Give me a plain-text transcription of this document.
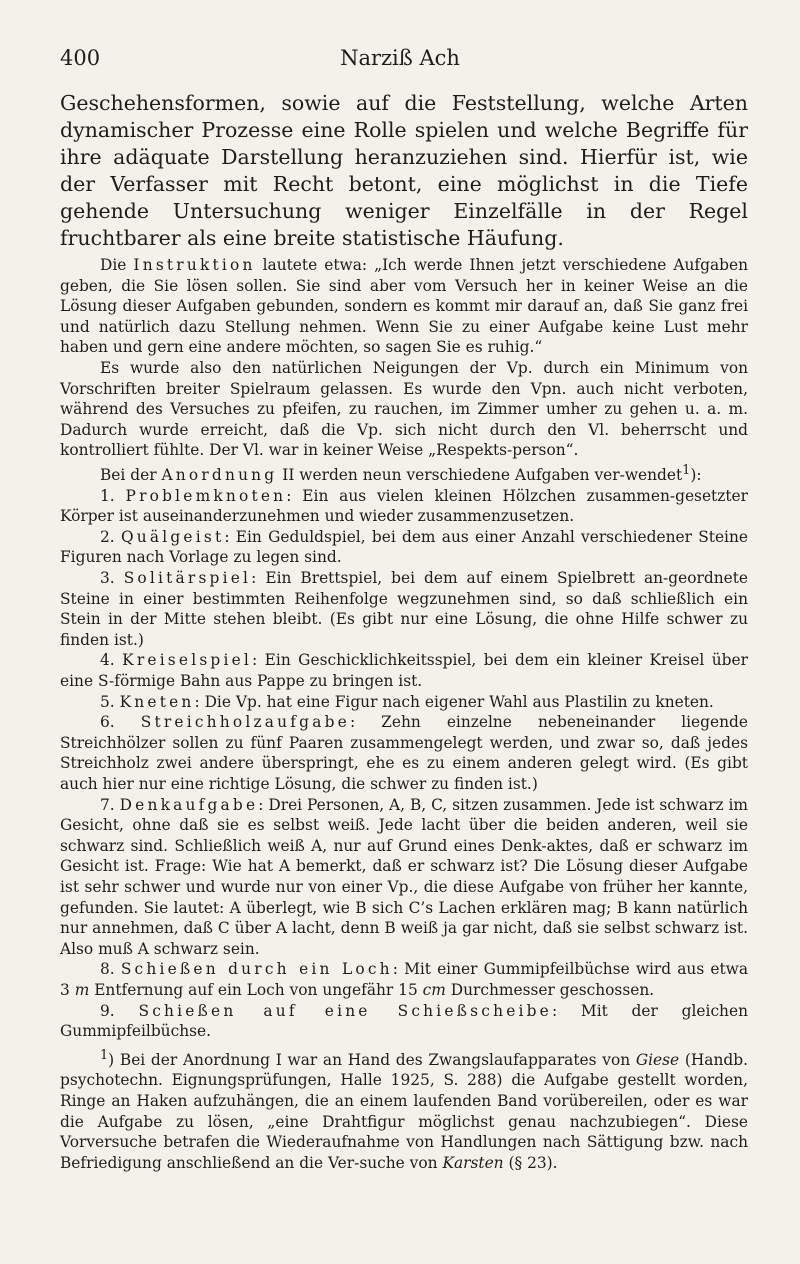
400	Narziß Ach

Geschehensformen, sowie auf die Feststellung, welche Arten dynamischer Prozesse eine Rolle spielen und welche Begriffe für ihre adäquate Darstellung heranzuziehen sind. Hierfür ist, wie der Verfasser mit Recht betont, eine möglichst in die Tiefe gehende Untersuchung weniger Einzelfälle in der Regel fruchtbarer als eine breite statistische Häufung.

Die Instruktion lautete etwa: „Ich werde Ihnen jetzt verschiedene Aufgaben geben, die Sie lösen sollen. Sie sind aber vom Versuch her in keiner Weise an die Lösung dieser Aufgaben gebunden, sondern es kommt mir darauf an, daß Sie ganz frei und natürlich dazu Stellung nehmen. Wenn Sie zu einer Aufgabe keine Lust mehr haben und gern eine andere möchten, so sagen Sie es ruhig.“

Es wurde also den natürlichen Neigungen der Vp. durch ein Minimum von Vorschriften breiter Spielraum gelassen. Es wurde den Vpn. auch nicht verboten, während des Versuches zu pfeifen, zu rauchen, im Zimmer umher zu gehen u. a. m. Dadurch wurde erreicht, daß die Vp. sich nicht durch den Vl. beherrscht und kontrolliert fühlte. Der Vl. war in keiner Weise „Respekts-person“.

Bei der Anordnung II werden neun verschiedene Aufgaben ver-wendet$^1$):

1. Problemknoten: Ein aus vielen kleinen Hölzchen zusammen-gesetzter Körper ist auseinanderzunehmen und wieder zusammenzusetzen.

2. Quälgeist: Ein Geduldspiel, bei dem aus einer Anzahl verschiedener Steine Figuren nach Vorlage zu legen sind.

3. Solitärspiel: Ein Brettspiel, bei dem auf einem Spielbrett an-geordnete Steine in einer bestimmten Reihenfolge wegzunehmen sind, so daß schließlich ein Stein in der Mitte stehen bleibt. (Es gibt nur eine Lösung, die ohne Hilfe schwer zu finden ist.)

4. Kreiselspiel: Ein Geschicklichkeitsspiel, bei dem ein kleiner Kreisel über eine S-förmige Bahn aus Pappe zu bringen ist.

5. Kneten: Die Vp. hat eine Figur nach eigener Wahl aus Plastilin zu kneten.

6. Streichholzaufgabe: Zehn einzelne nebeneinander liegende Streichhölzer sollen zu fünf Paaren zusammengelegt werden, und zwar so, daß jedes Streichholz zwei andere überspringt, ehe es zu einem anderen gelegt wird. (Es gibt auch hier nur eine richtige Lösung, die schwer zu finden ist.)

7. Denkaufgabe: Drei Personen, A, B, C, sitzen zusammen. Jede ist schwarz im Gesicht, ohne daß sie es selbst weiß. Jede lacht über die beiden anderen, weil sie schwarz sind. Schließlich weiß A, nur auf Grund eines Denk-aktes, daß er schwarz im Gesicht ist. Frage: Wie hat A bemerkt, daß er schwarz ist? Die Lösung dieser Aufgabe ist sehr schwer und wurde nur von einer Vp., die diese Aufgabe von früher her kannte, gefunden. Sie lautet: A überlegt, wie B sich C’s Lachen erklären mag; B kann natürlich nur annehmen, daß C über A lacht, denn B weiß ja gar nicht, daß sie selbst schwarz ist. Also muß A schwarz sein.

8. Schießen durch ein Loch: Mit einer Gummipfeilbüchse wird aus etwa 3 m Entfernung auf ein Loch von ungefähr 15 cm Durchmesser geschossen.

9. Schießen auf eine Schießscheibe: Mit der gleichen Gummipfeilbüchse.

$^1$) Bei der Anordnung I war an Hand des Zwangslaufapparates von Giese (Handb. psychotechn. Eignungsprüfungen, Halle 1925, S. 288) die Aufgabe gestellt worden, Ringe an Haken aufzuhängen, die an einem laufenden Band vorübereilen, oder es war die Aufgabe zu lösen, „eine Drahtfigur möglichst genau nachzubiegen“. Diese Vorversuche betrafen die Wiederaufnahme von Handlungen nach Sättigung bzw. nach Befriedigung anschließend an die Ver-suche von Karsten (§ 23).
